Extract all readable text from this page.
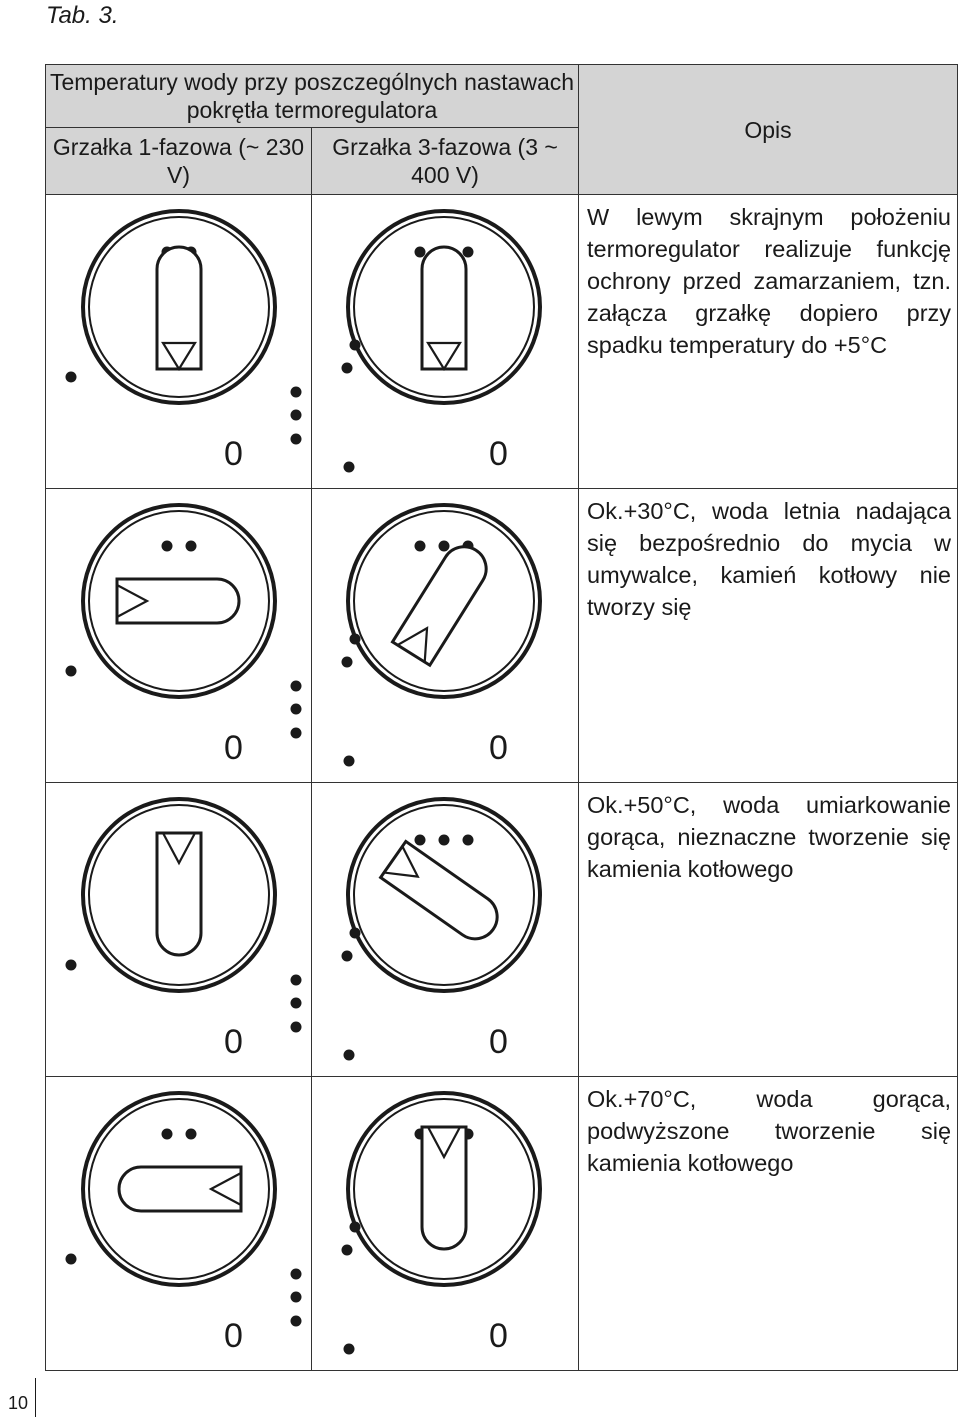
Tab. 3.
Temperatury wody przy poszczególnych nastawach pokrętła termoregulatora		Opis
Grzałka 1-fazowa (~ 230 V)	Grzałka 3-fazowa (3 ~ 400 V)	

0	0	W lewym skrajnym położeniu termoregulator realizuje funkcję ochrony przed zamarzaniem, tzn. załącza grzałkę dopiero przy spadku temperatury do +5°C

0	0	Ok.+30°C, woda letnia nadająca się bezpośrednio do mycia w umywalce, kamień kotłowy nie tworzy się

0	0	Ok.+50°C, woda umiarkowanie gorąca, nieznaczne tworzenie się kamienia kotłowego

0	0	Ok.+70°C, woda gorąca, podwyższone tworzenie się kamienia kotłowego

10
